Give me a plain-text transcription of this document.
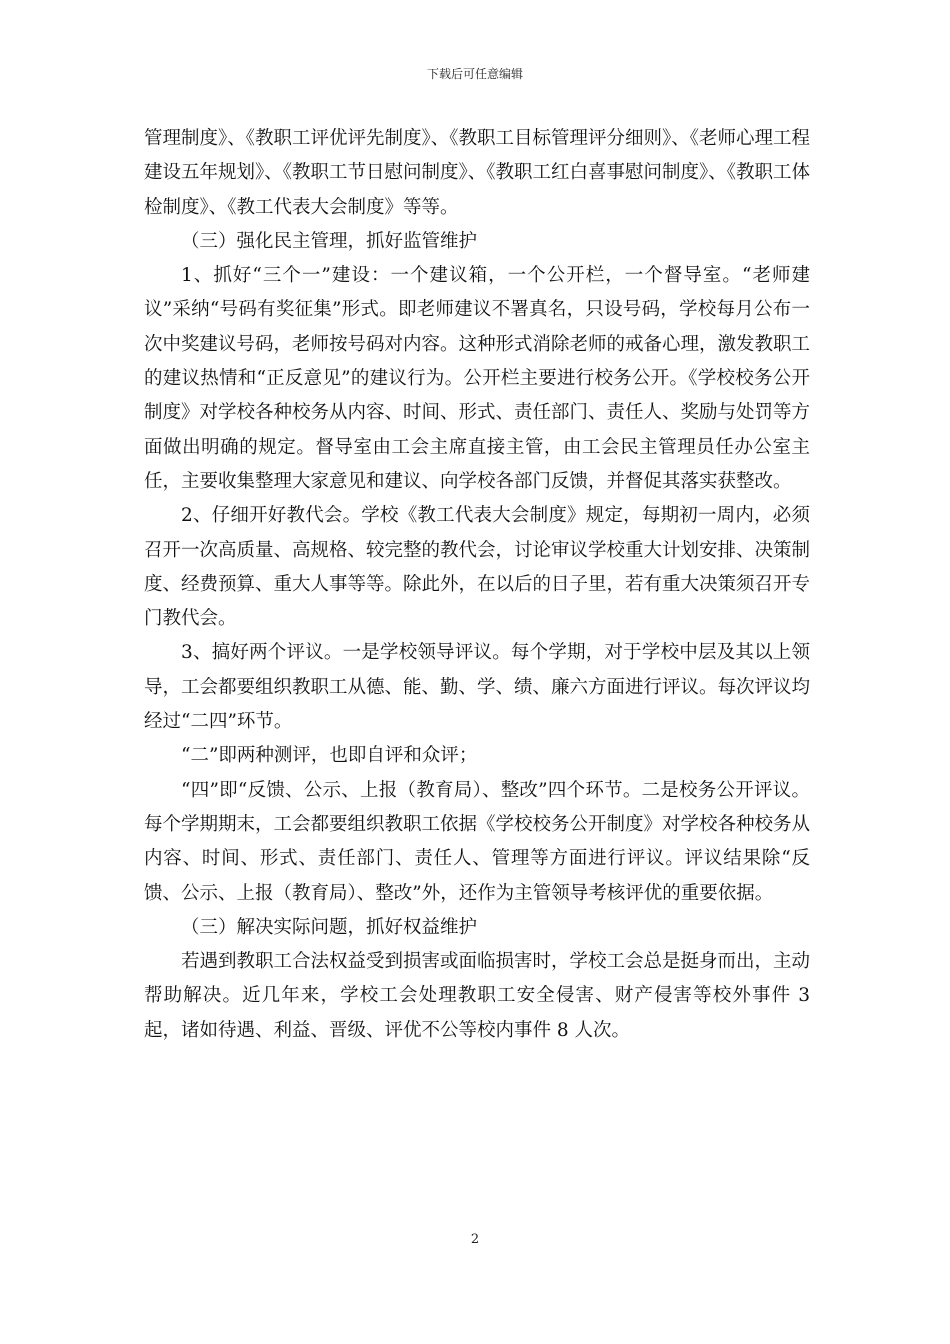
下载后可任意编辑

管理制度》、《教职工评优评先制度》、《教职工目标管理评分细则》、《老师心理工程建设五年规划》、《教职工节日慰问制度》、《教职工红白喜事慰问制度》、《教职工体检制度》、《教工代表大会制度》等等。

（三）强化民主管理，抓好监管维护

1、抓好“三个一”建设：一个建议箱，一个公开栏，一个督导室。“老师建议”采纳“号码有奖征集”形式。即老师建议不署真名，只设号码，学校每月公布一次中奖建议号码，老师按号码对内容。这种形式消除老师的戒备心理，激发教职工的建议热情和“正反意见”的建议行为。公开栏主要进行校务公开。《学校校务公开制度》对学校各种校务从内容、时间、形式、责任部门、责任人、奖励与处罚等方面做出明确的规定。督导室由工会主席直接主管，由工会民主管理员任办公室主任，主要收集整理大家意见和建议、向学校各部门反馈，并督促其落实获整改。

2、仔细开好教代会。学校《教工代表大会制度》规定，每期初一周内，必须召开一次高质量、高规格、较完整的教代会，讨论审议学校重大计划安排、决策制度、经费预算、重大人事等等。除此外，在以后的日子里，若有重大决策须召开专门教代会。

3、搞好两个评议。一是学校领导评议。每个学期，对于学校中层及其以上领导，工会都要组织教职工从德、能、勤、学、绩、廉六方面进行评议。每次评议均经过“二四”环节。

“二”即两种测评，也即自评和众评；

“四”即“反馈、公示、上报（教育局）、整改”四个环节。二是校务公开评议。每个学期期末，工会都要组织教职工依据《学校校务公开制度》对学校各种校务从内容、时间、形式、责任部门、责任人、管理等方面进行评议。评议结果除“反馈、公示、上报（教育局）、整改”外，还作为主管领导考核评优的重要依据。

（三）解决实际问题，抓好权益维护

若遇到教职工合法权益受到损害或面临损害时，学校工会总是挺身而出，主动帮助解决。近几年来，学校工会处理教职工安全侵害、财产侵害等校外事件 3 起，诸如待遇、利益、晋级、评优不公等校内事件 8 人次。

2
